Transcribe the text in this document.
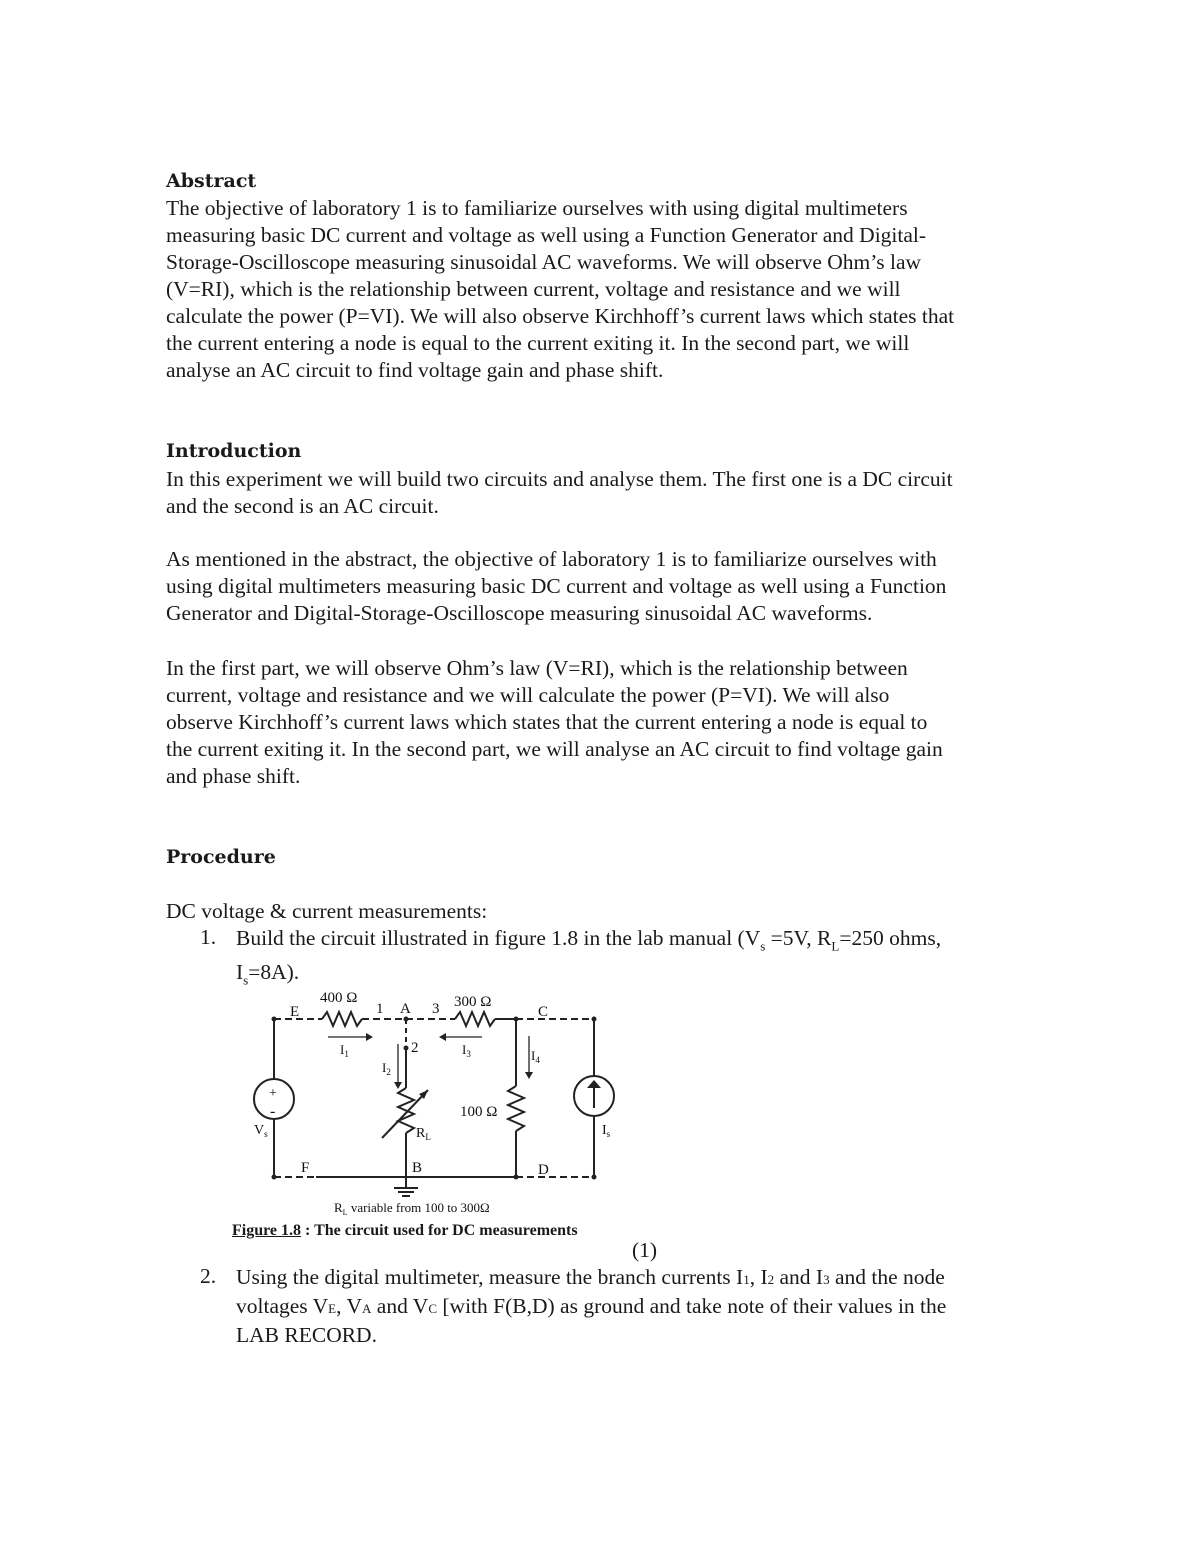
Abstract
The objective of laboratory 1 is to familiarize ourselves with using digital multimeters
measuring basic DC current and voltage as well using a Function Generator and Digital-
Storage-Oscilloscope measuring sinusoidal AC waveforms. We will observe Ohm’s law
(V=RI), which is the relationship between current, voltage and resistance and we will
calculate the power (P=VI). We will also observe Kirchhoff’s current laws which states that
the current entering a node is equal to the current exiting it. In the second part, we will
analyse an AC circuit to find voltage gain and phase shift.
Introduction
In this experiment we will build two circuits and analyse them. The first one is a DC circuit
and the second is an AC circuit.
As mentioned in the abstract, the objective of laboratory 1 is to familiarize ourselves with
using digital multimeters measuring basic DC current and voltage as well using a Function
Generator and Digital-Storage-Oscilloscope measuring sinusoidal AC waveforms.
In the first part, we will observe Ohm’s law (V=RI), which is the relationship between
current, voltage and resistance and we will calculate the power (P=VI). We will also
observe Kirchhoff’s current laws which states that the current entering a node is equal to
the current exiting it. In the second part, we will analyse an AC circuit to find voltage gain
and phase shift.
Procedure
DC voltage & current measurements:
1. Build the circuit illustrated in figure 1.8 in the lab manual ($V_s =5V$, $R_L=250$ ohms,
$I_s=8A$).
400 Ω	300 Ω
100 Ω
E	A	C
F	B	D
1
2
3
$I_1$	$I_3$
$I_2$
$I_4$
$V_s$	$I_s$
$R_L$
+
-
$R_L$ variable from 100 to 300Ω
Figure 1.8 : The circuit used for DC measurements
(1)
2. Using the digital multimeter, measure the branch currents I1, I2 and I3 and the node
voltages VE, VA and VC [with F(B,D) as ground and take note of their values in the
LAB RECORD.
